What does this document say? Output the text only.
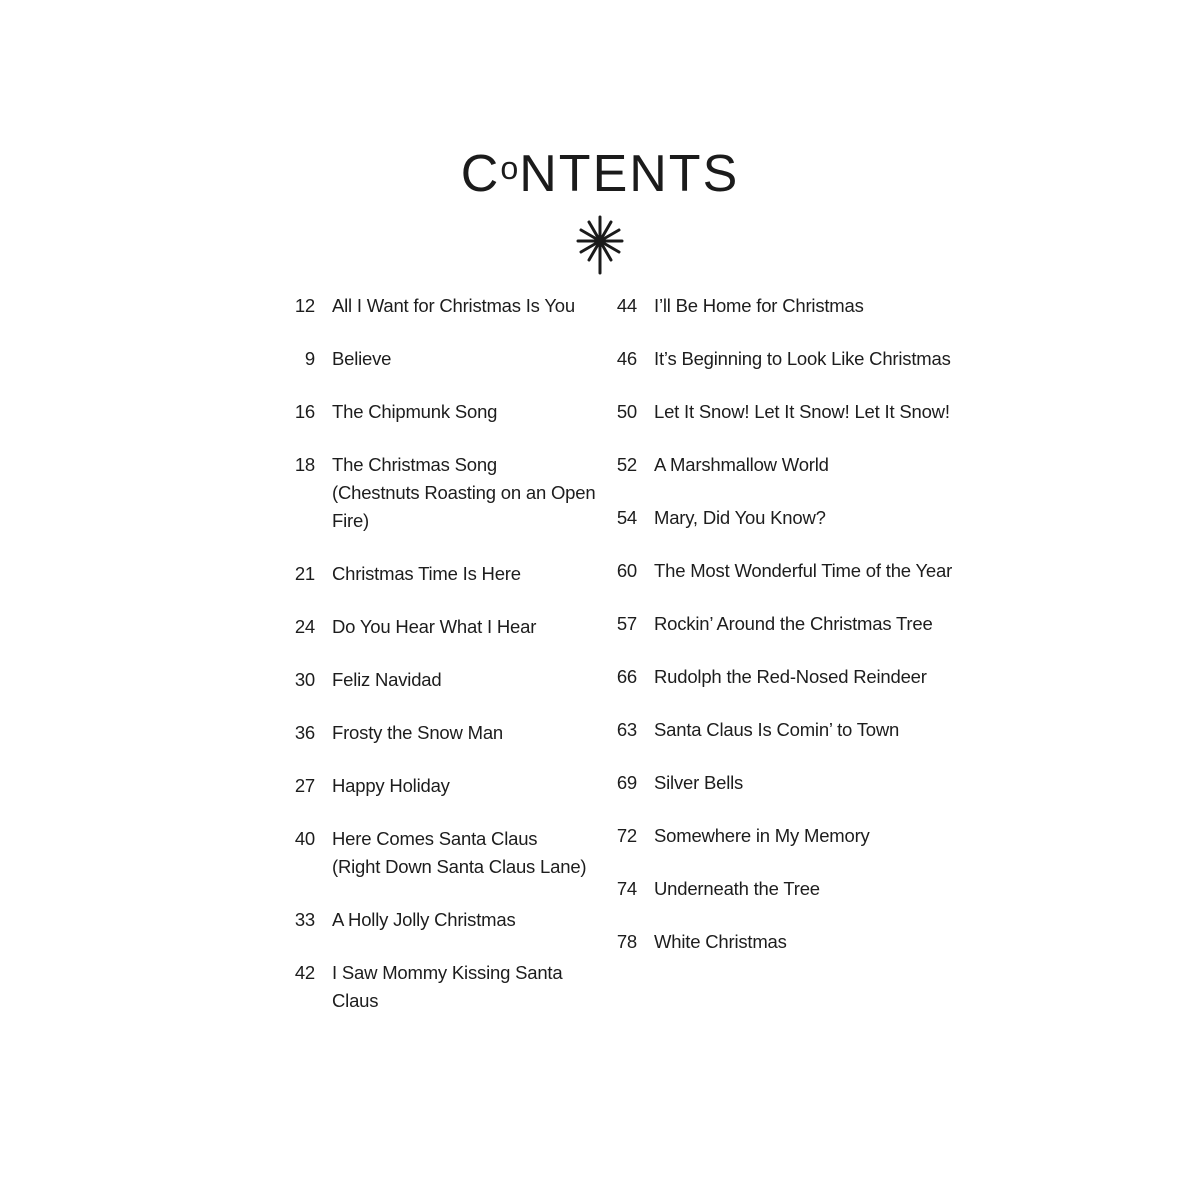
$C^oNTENTS$
12 All I Want for Christmas Is You
9 Believe
16 The Chipmunk Song
18 The Christmas Song
(Chestnuts Roasting on an Open Fire)
21 Christmas Time Is Here
24 Do You Hear What I Hear
30 Feliz Navidad
36 Frosty the Snow Man
27 Happy Holiday
40 Here Comes Santa Claus
(Right Down Santa Claus Lane)
33 A Holly Jolly Christmas
42 I Saw Mommy Kissing Santa Claus
44 I’ll Be Home for Christmas
46 It’s Beginning to Look Like Christmas
50 Let It Snow! Let It Snow! Let It Snow!
52 A Marshmallow World
54 Mary, Did You Know?
60 The Most Wonderful Time of the Year
57 Rockin’ Around the Christmas Tree
66 Rudolph the Red-Nosed Reindeer
63 Santa Claus Is Comin’ to Town
69 Silver Bells
72 Somewhere in My Memory
74 Underneath the Tree
78 White Christmas
